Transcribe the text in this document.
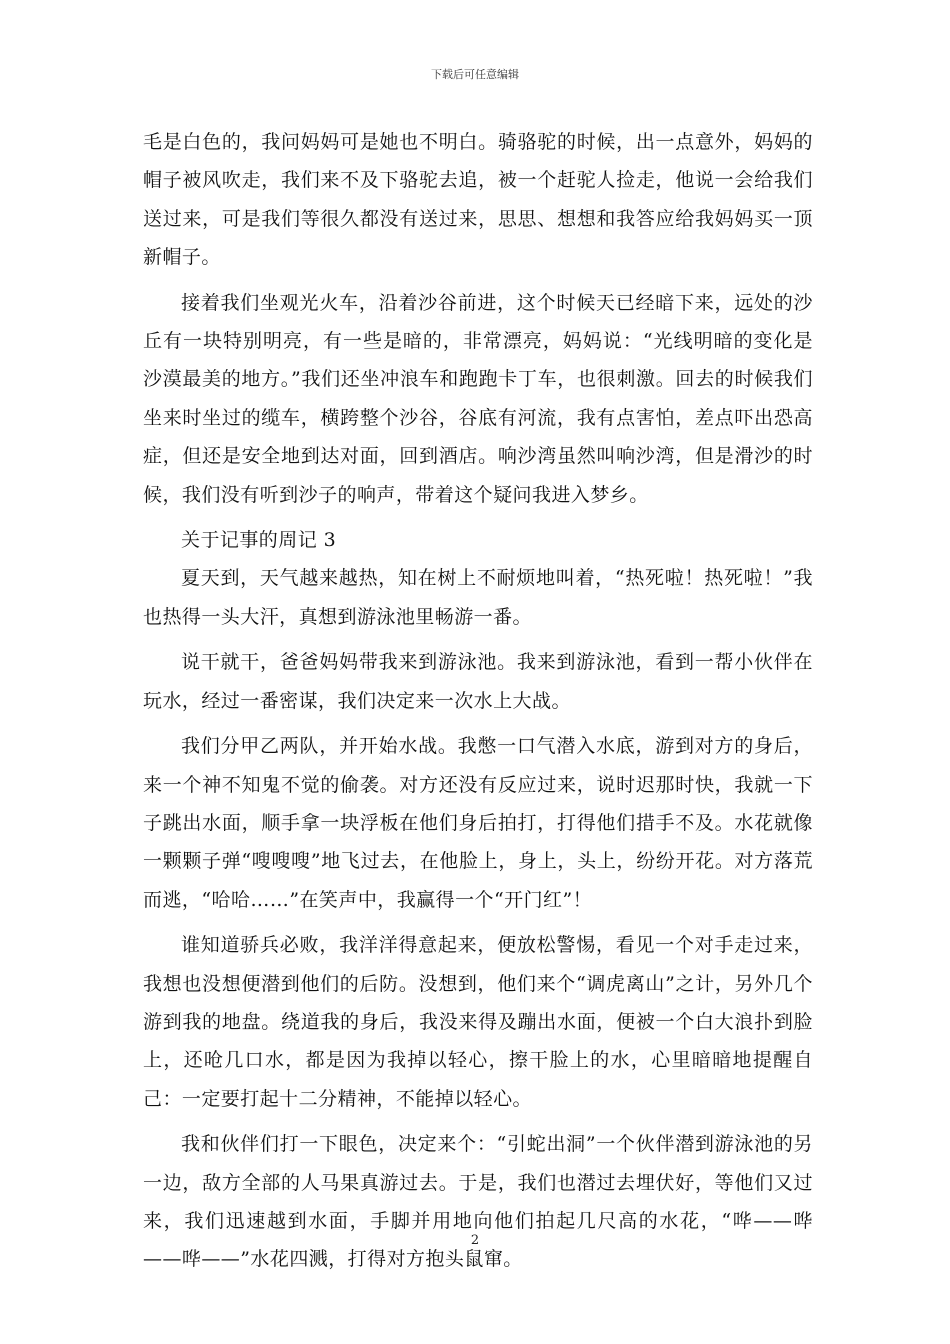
下载后可任意编辑

毛是白色的，我问妈妈可是她也不明白。骑骆驼的时候，出一点意外，妈妈的帽子被风吹走，我们来不及下骆驼去追，被一个赶驼人捡走，他说一会给我们送过来，可是我们等很久都没有送过来，思思、想想和我答应给我妈妈买一顶新帽子。

接着我们坐观光火车，沿着沙谷前进，这个时候天已经暗下来，远处的沙丘有一块特别明亮，有一些是暗的，非常漂亮，妈妈说：“光线明暗的变化是沙漠最美的地方。”我们还坐冲浪车和跑跑卡丁车，也很刺激。回去的时候我们坐来时坐过的缆车，横跨整个沙谷，谷底有河流，我有点害怕，差点吓出恐高症，但还是安全地到达对面，回到酒店。响沙湾虽然叫响沙湾，但是滑沙的时候，我们没有听到沙子的响声，带着这个疑问我进入梦乡。

关于记事的周记 3

夏天到，天气越来越热，知在树上不耐烦地叫着，“热死啦！热死啦！”我也热得一头大汗，真想到游泳池里畅游一番。

说干就干，爸爸妈妈带我来到游泳池。我来到游泳池，看到一帮小伙伴在玩水，经过一番密谋，我们决定来一次水上大战。

我们分甲乙两队，并开始水战。我憋一口气潜入水底，游到对方的身后，来一个神不知鬼不觉的偷袭。对方还没有反应过来，说时迟那时快，我就一下子跳出水面，顺手拿一块浮板在他们身后拍打，打得他们措手不及。水花就像一颗颗子弹“嗖嗖嗖”地飞过去，在他脸上，身上，头上，纷纷开花。对方落荒而逃，“哈哈……”在笑声中，我赢得一个“开门红”！

谁知道骄兵必败，我洋洋得意起来，便放松警惕，看见一个对手走过来，我想也没想便潜到他们的后防。没想到，他们来个“调虎离山”之计，另外几个游到我的地盘。绕道我的身后，我没来得及蹦出水面，便被一个白大浪扑到脸上，还呛几口水，都是因为我掉以轻心，擦干脸上的水，心里暗暗地提醒自己：一定要打起十二分精神，不能掉以轻心。

我和伙伴们打一下眼色，决定来个：“引蛇出洞”一个伙伴潜到游泳池的另一边，敌方全部的人马果真游过去。于是，我们也潜过去埋伏好，等他们又过来，我们迅速越到水面，手脚并用地向他们拍起几尺高的水花，“哗——哗——哗——”水花四溅，打得对方抱头鼠窜。

2
